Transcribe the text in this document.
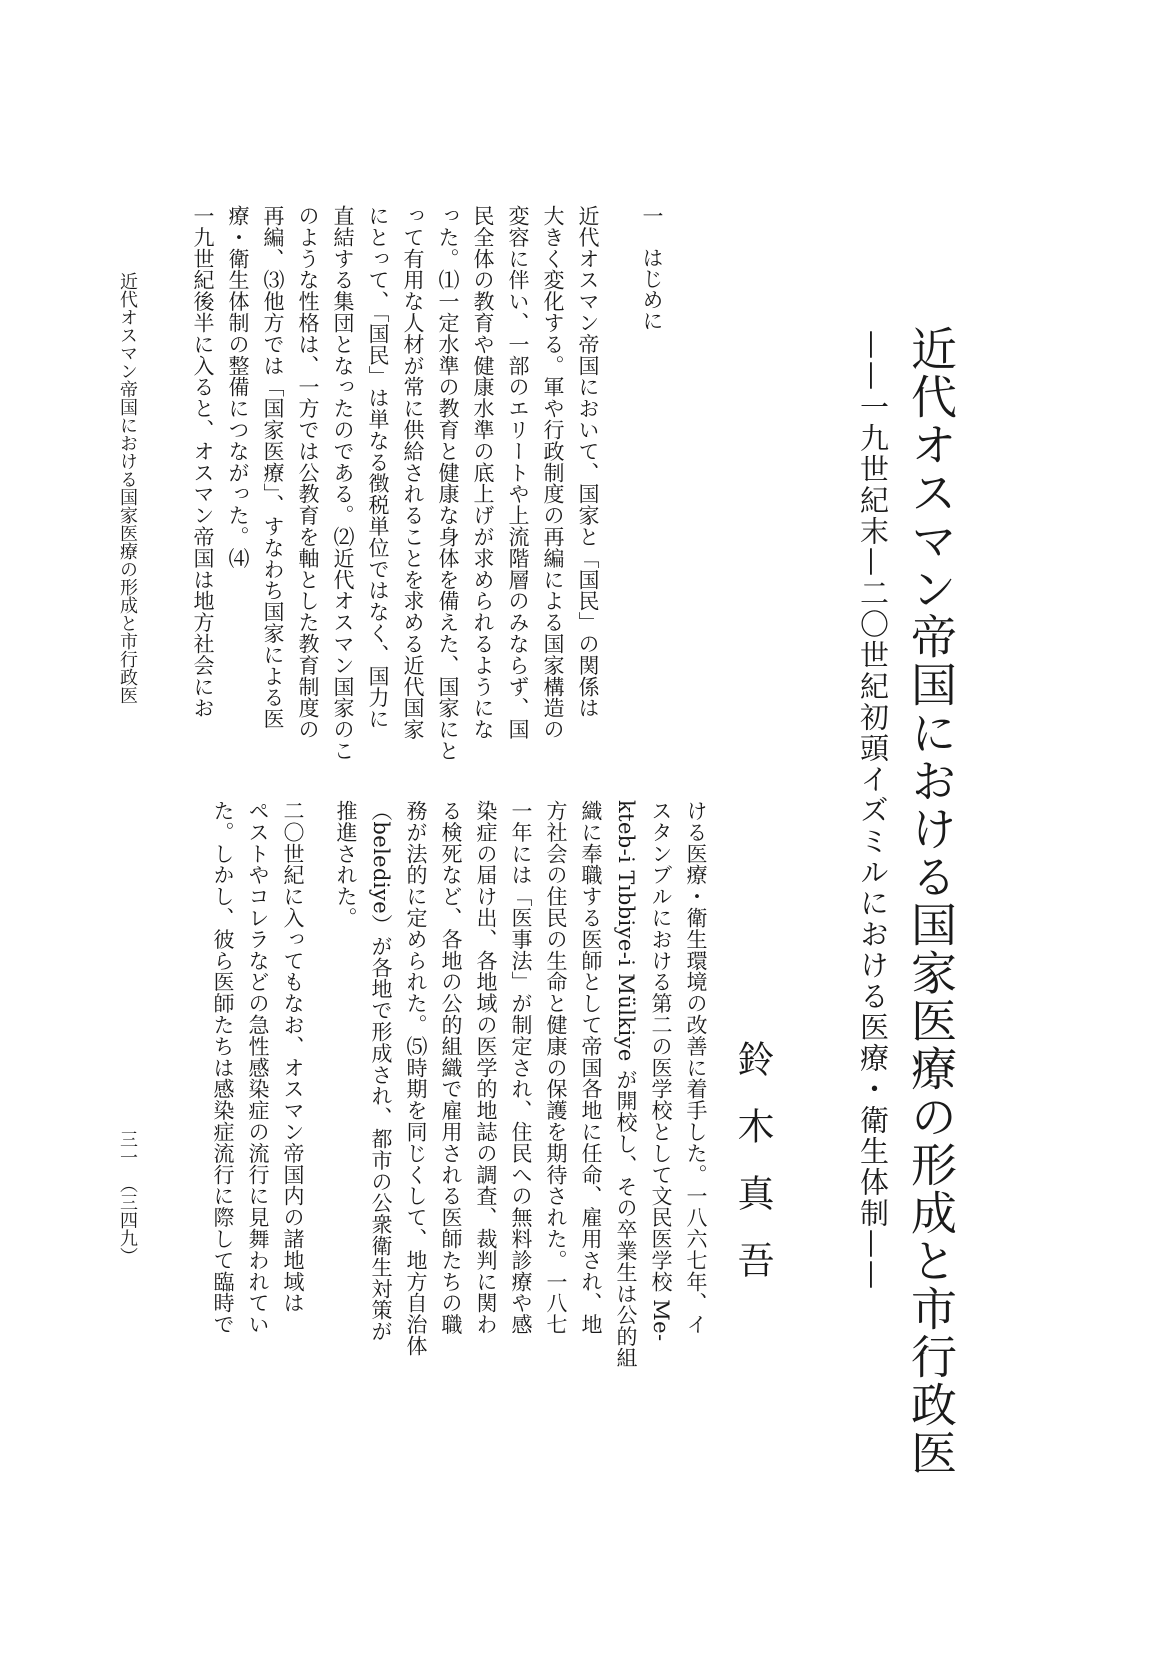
近代オスマン帝国における国家医療の形成と市行政医
——一九世紀末—二〇世紀初頭イズミルにおける医療・衛生体制——
鈴木真吾
一　はじめに
近代オスマン帝国において、国家と「国民」の関係は
大きく変化する。軍や行政制度の再編による国家構造の
変容に伴い、一部のエリートや上流階層のみならず、国
民全体の教育や健康水準の底上げが求められるようにな
った。⑴一定水準の教育と健康な身体を備えた、国家にと
って有用な人材が常に供給されることを求める近代国家
にとって、「国民」は単なる徴税単位ではなく、国力に
直結する集団となったのである。⑵近代オスマン国家のこ
のような性格は、一方では公教育を軸とした教育制度の
再編、⑶他方では「国家医療」、すなわち国家による医
療・衛生体制の整備につながった。⑷
一九世紀後半に入ると、オスマン帝国は地方社会にお
ける医療・衛生環境の改善に着手した。一八六七年、イ
スタンブルにおける第二の医学校として文民医学校 Me-
kteb-i Tıbbiye-i Mülkiye が開校し、その卒業生は公的組
織に奉職する医師として帝国各地に任命、雇用され、地
方社会の住民の生命と健康の保護を期待された。一八七
一年には「医事法」が制定され、住民への無料診療や感
染症の届け出、各地域の医学的地誌の調査、裁判に関わ
る検死など、各地の公的組織で雇用される医師たちの職
務が法的に定められた。⑸時期を同じくして、地方自治体
（belediye）が各地で形成され、都市の公衆衛生対策が
推進された。
二〇世紀に入ってもなお、オスマン帝国内の諸地域は
ペストやコレラなどの急性感染症の流行に見舞われてい
た。しかし、彼ら医師たちは感染症流行に際して臨時で
近代オスマン帝国における国家医療の形成と市行政医
三一　（三四九）
